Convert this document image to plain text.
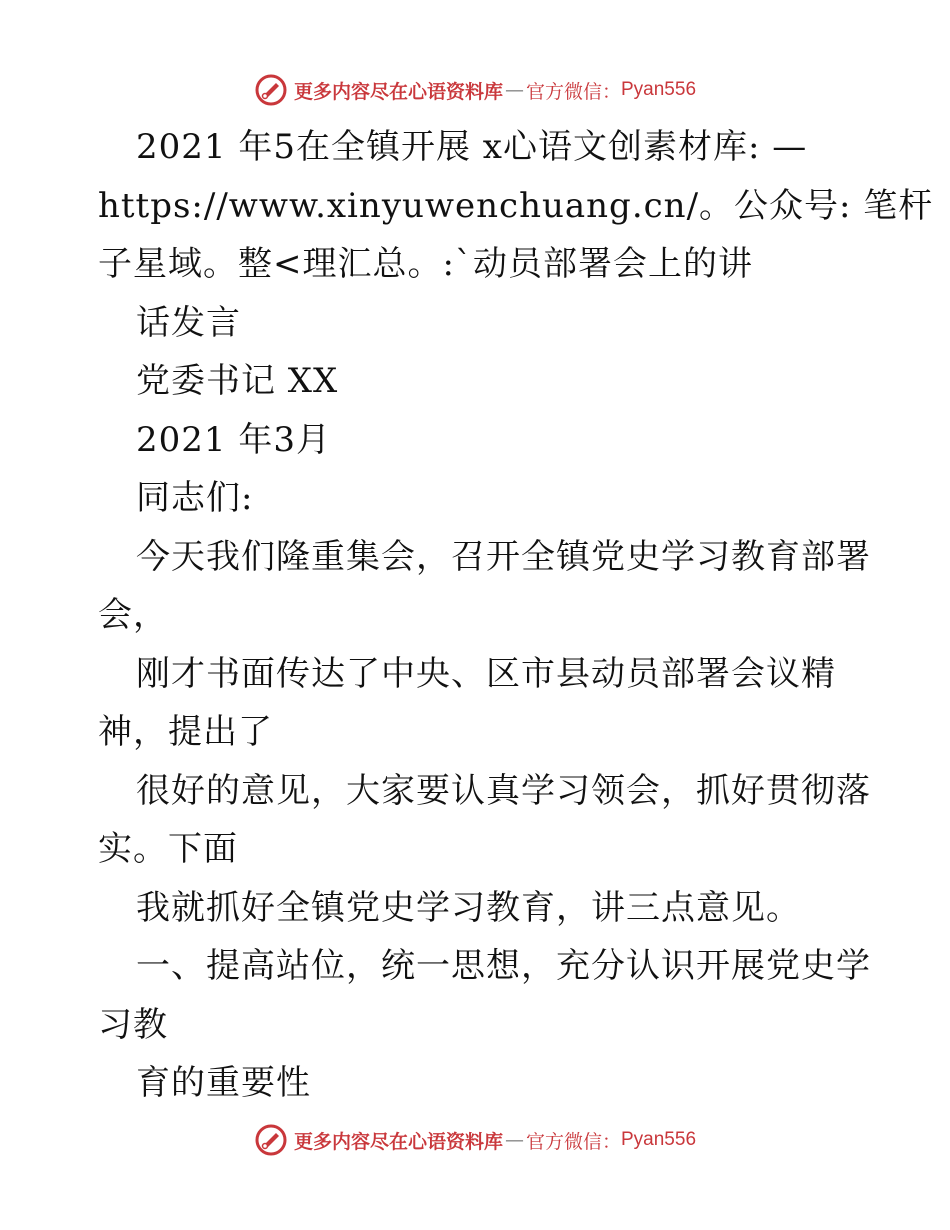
更多内容尽在心语资料库 — 官方微信： Pyan556
2021 年5在全镇开展 x心语文创素材库: —
https://www.xinyuwenchuang.cn/。公众号: 笔杆
子星域。整<理汇总。:`动员部署会上的讲
话发言
党委书记 XX
2021 年3月
同志们:
今天我们隆重集会，召开全镇党史学习教育部署
会，
刚才书面传达了中央、区市县动员部署会议精
神，提出了
很好的意见，大家要认真学习领会，抓好贯彻落
实。下面
我就抓好全镇党史学习教育，讲三点意见。
一、提高站位，统一思想，充分认识开展党史学
习教
育的重要性
更多内容尽在心语资料库 — 官方微信： Pyan556
